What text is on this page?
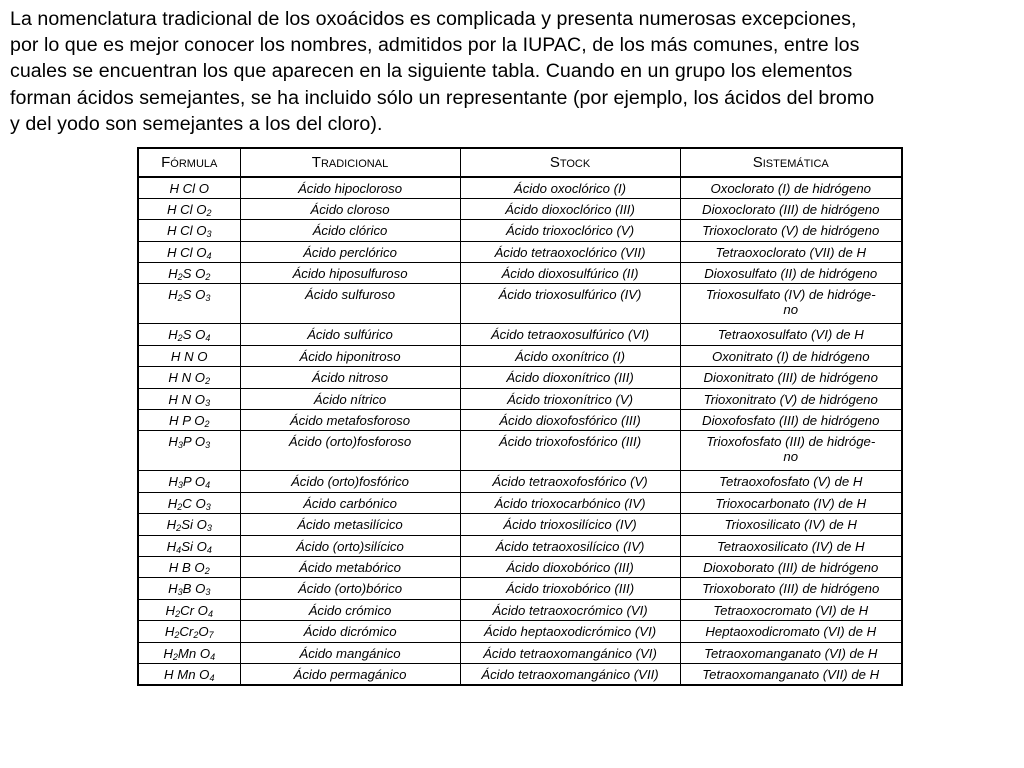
La nomenclatura tradicional de los oxoácidos es complicada y presenta numerosas excepciones,
por lo que es mejor conocer los nombres, admitidos por la IUPAC, de los más comunes, entre los
cuales se encuentran los que aparecen en la siguiente tabla. Cuando en un grupo los elementos
forman ácidos semejantes, se ha incluido sólo un representante (por ejemplo, los ácidos del bromo
y del yodo son semejantes a los del cloro).

Fórmula	Tradicional	Stock	Sistemática
H Cl O	Ácido hipocloroso	Ácido oxoclórico (I)	Oxoclorato (I) de hidrógeno
H Cl $O_2$	Ácido cloroso	Ácido dioxoclórico (III)	Dioxoclorato (III) de hidrógeno
H Cl $O_3$	Ácido clórico	Ácido trioxoclórico (V)	Trioxoclorato (V) de hidrógeno
H Cl $O_4$	Ácido perclórico	Ácido tetraoxoclórico (VII)	Tetraoxoclorato (VII) de H
$H_2S$ $O_2$	Ácido hiposulfuroso	Ácido dioxosulfúrico (II)	Dioxosulfato (II) de hidrógeno
$H_2S$ $O_3$	Ácido sulfuroso	Ácido trioxosulfúrico (IV)	Trioxosulfato (IV) de hidróge-
no
$H_2S$ $O_4$	Ácido sulfúrico	Ácido tetraoxosulfúrico (VI)	Tetraoxosulfato (VI) de H
H N O	Ácido hiponitroso	Ácido oxonítrico (I)	Oxonitrato (I) de hidrógeno
H N $O_2$	Ácido nitroso	Ácido dioxonítrico (III)	Dioxonitrato (III) de hidrógeno
H N $O_3$	Ácido nítrico	Ácido trioxonítrico (V)	Trioxonitrato (V) de hidrógeno
H P $O_2$	Ácido metafosforoso	Ácido dioxofosfórico (III)	Dioxofosfato (III) de hidrógeno
$H_3P$ $O_3$	Ácido (orto)fosforoso	Ácido trioxofosfórico (III)	Trioxofosfato (III) de hidróge-
no
$H_3P$ $O_4$	Ácido (orto)fosfórico	Ácido tetraoxofosfórico (V)	Tetraoxofosfato (V) de H
$H_2C$ $O_3$	Ácido carbónico	Ácido trioxocarbónico (IV)	Trioxocarbonato (IV) de H
$H_2Si$ $O_3$	Ácido metasilícico	Ácido trioxosilícico (IV)	Trioxosilicato (IV) de H
$H_4Si$ $O_4$	Ácido (orto)silícico	Ácido tetraoxosilícico (IV)	Tetraoxosilicato (IV) de H
H B $O_2$	Ácido metabórico	Ácido dioxobórico (III)	Dioxoborato (III) de hidrógeno
$H_3B$ $O_3$	Ácido (orto)bórico	Ácido trioxobórico (III)	Trioxoborato (III) de hidrógeno
$H_2Cr$ $O_4$	Ácido crómico	Ácido tetraoxocrómico (VI)	Tetraoxocromato (VI) de H
$H_2Cr_2O_7$	Ácido dicrómico	Ácido heptaoxodicrómico (VI)	Heptaoxodicromato (VI) de H
$H_2Mn$ $O_4$	Ácido mangánico	Ácido tetraoxomangánico (VI)	Tetraoxomanganato (VI) de H
H Mn $O_4$	Ácido permagánico	Ácido tetraoxomangánico (VII)	Tetraoxomanganato (VII) de H
